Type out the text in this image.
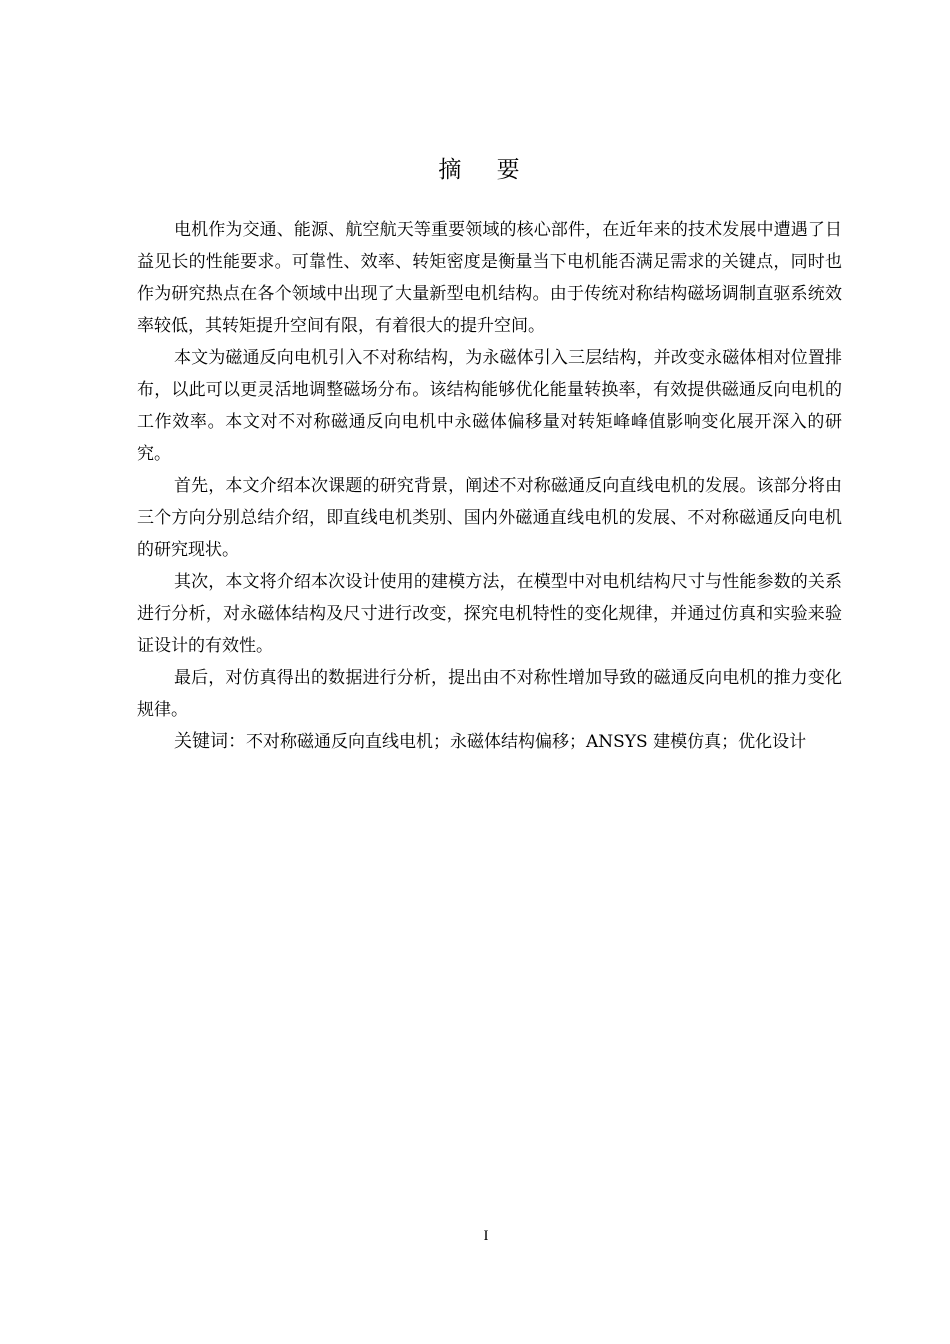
摘 要

电机作为交通、能源、航空航天等重要领域的核心部件，在近年来的技术发展中遭遇了日益见长的性能要求。可靠性、效率、转矩密度是衡量当下电机能否满足需求的关键点，同时也作为研究热点在各个领域中出现了大量新型电机结构。由于传统对称结构磁场调制直驱系统效率较低，其转矩提升空间有限，有着很大的提升空间。

本文为磁通反向电机引入不对称结构，为永磁体引入三层结构，并改变永磁体相对位置排布，以此可以更灵活地调整磁场分布。该结构能够优化能量转换率，有效提供磁通反向电机的工作效率。本文对不对称磁通反向电机中永磁体偏移量对转矩峰峰值影响变化展开深入的研究。

首先，本文介绍本次课题的研究背景，阐述不对称磁通反向直线电机的发展。该部分将由三个方向分别总结介绍，即直线电机类别、国内外磁通直线电机的发展、不对称磁通反向电机的研究现状。

其次，本文将介绍本次设计使用的建模方法，在模型中对电机结构尺寸与性能参数的关系进行分析，对永磁体结构及尺寸进行改变，探究电机特性的变化规律，并通过仿真和实验来验证设计的有效性。

最后，对仿真得出的数据进行分析，提出由不对称性增加导致的磁通反向电机的推力变化规律。

关键词：不对称磁通反向直线电机；永磁体结构偏移；ANSYS 建模仿真；优化设计

I
